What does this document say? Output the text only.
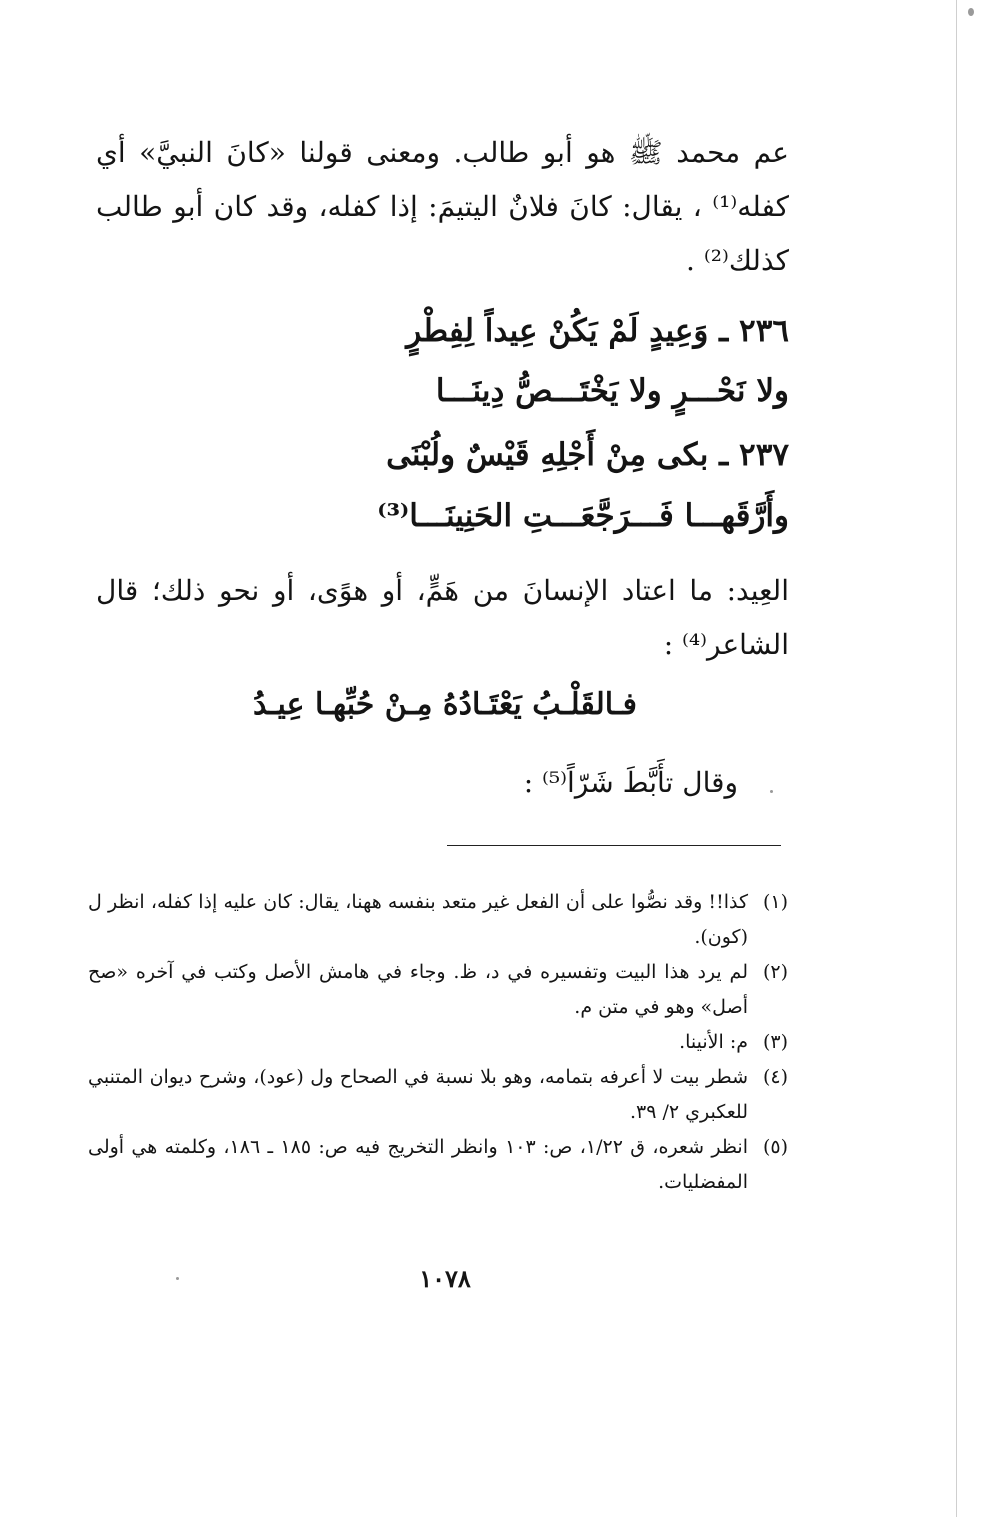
عم محمد ﷺ هو أبو طالب. ومعنى قولنا «كانَ النبيَّ» أي كفله⁽¹⁾ ، يقال: كانَ فلانٌ اليتيمَ: إذا كفله، وقد كان أبو طالب كذلك⁽²⁾ .
٢٣٦ ـ وَعِيدٍ لَمْ يَكُنْ عِيداً لِفِطْرٍ
ولا نَحْـــرٍ ولا يَخْتَـــصُّ دِينَـــا
٢٣٧ ـ بكى مِنْ أَجْلِهِ قَيْسٌ ولُبْنَى
وأَرَّقَهـــا فَـــرَجَّعَـــتِ الحَنِينَـــا⁽³⁾
العِيد: ما اعتاد الإنسانَ من هَمٍّ، أو هوًى، أو نحو ذلك؛ قال الشاعر⁽⁴⁾ :
فـالقَلْـبُ يَعْتَـادُهُ مِـنْ حُبِّهـا عِيـدُ
وقال تأَبَّطَ شَرّاً⁽⁵⁾ :
(١)
كذا!! وقد نصُّوا على أن الفعل غير متعد بنفسه ههنا، يقال: كان عليه إذا كفله، انظر ل (كون).
(٢)
لم يرد هذا البيت وتفسيره في د، ظ. وجاء في هامش الأصل وكتب في آخره «صح أصل» وهو في متن م.
(٣)
م: الأنينا.
(٤)
شطر بيت لا أعرفه بتمامه، وهو بلا نسبة في الصحاح ول (عود)، وشرح ديوان المتنبي للعكبري ٢/ ٣٩.
(٥)
انظر شعره، ق ١/٢٢، ص: ١٠٣ وانظر التخريج فيه ص: ١٨٥ ـ ١٨٦، وكلمته هي أولى المفضليات.
١٠٧٨
